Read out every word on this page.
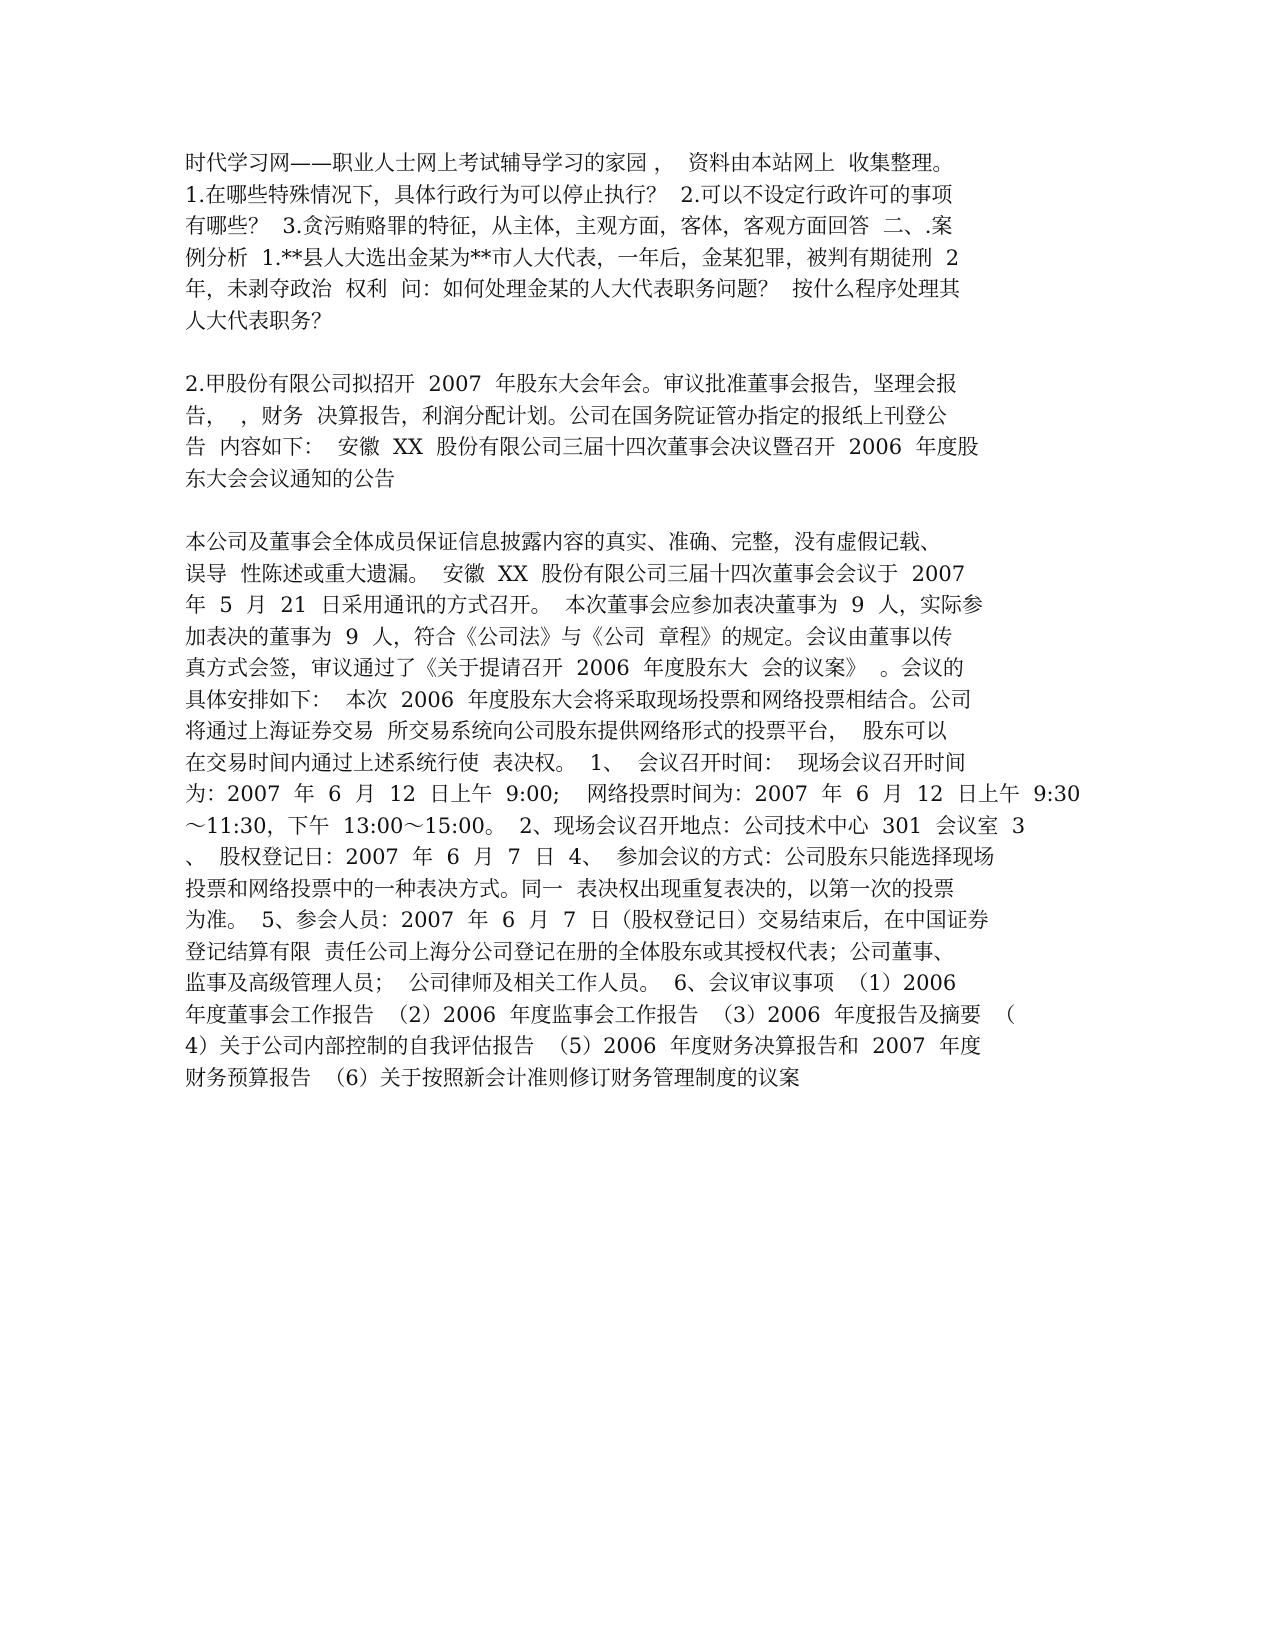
时代学习网——职业人士网上考试辅导学习的家园 ，  资料由本站网上  收集整理。
1.在哪些特殊情况下，具体行政行为可以停止执行？  2.可以不设定行政许可的事项
有哪些？  3.贪污贿赂罪的特征，从主体，主观方面，客体，客观方面回答  二、.案
例分析  1.**县人大选出金某为**市人大代表，一年后，金某犯罪，被判有期徒刑  2
年，未剥夺政治  权利  问：如何处理金某的人大代表职务问题？  按什么程序处理其
人大代表职务？
2.甲股份有限公司拟招开  2007  年股东大会年会。审议批准董事会报告，坚理会报
告，  ，财务  决算报告，利润分配计划。公司在国务院证管办指定的报纸上刊登公
告  内容如下：  安徽  XX  股份有限公司三届十四次董事会决议暨召开  2006  年度股
东大会会议通知的公告
本公司及董事会全体成员保证信息披露内容的真实、准确、完整，没有虚假记载、
误导  性陈述或重大遗漏。  安徽  XX  股份有限公司三届十四次董事会会议于  2007
年  5  月  21  日采用通讯的方式召开。  本次董事会应参加表决董事为  9  人，实际参
加表决的董事为  9  人，符合《公司法》与《公司  章程》的规定。会议由董事以传
真方式会签，审议通过了《关于提请召开  2006  年度股东大  会的议案》  。会议的
具体安排如下：  本次  2006  年度股东大会将采取现场投票和网络投票相结合。公司
将通过上海证券交易  所交易系统向公司股东提供网络形式的投票平台，  股东可以
在交易时间内通过上述系统行使  表决权。  1、  会议召开时间：  现场会议召开时间
为：2007  年  6  月  12  日上午  9:00;    网络投票时间为：2007  年  6  月  12  日上午  9:30
～11:30，下午  13:00～15:00。  2、现场会议召开地点：公司技术中心  301  会议室  3
、  股权登记日：2007  年  6  月  7  日  4、  参加会议的方式：公司股东只能选择现场
投票和网络投票中的一种表决方式。同一  表决权出现重复表决的，以第一次的投票
为准。  5、参会人员：2007  年  6  月  7  日（股权登记日）交易结束后，在中国证券
登记结算有限  责任公司上海分公司登记在册的全体股东或其授权代表；公司董事、
监事及高级管理人员；  公司律师及相关工作人员。  6、会议审议事项  （1）2006
年度董事会工作报告  （2）2006  年度监事会工作报告  （3）2006  年度报告及摘要  （
4）关于公司内部控制的自我评估报告  （5）2006  年度财务决算报告和  2007  年度
财务预算报告  （6）关于按照新会计准则修订财务管理制度的议案
